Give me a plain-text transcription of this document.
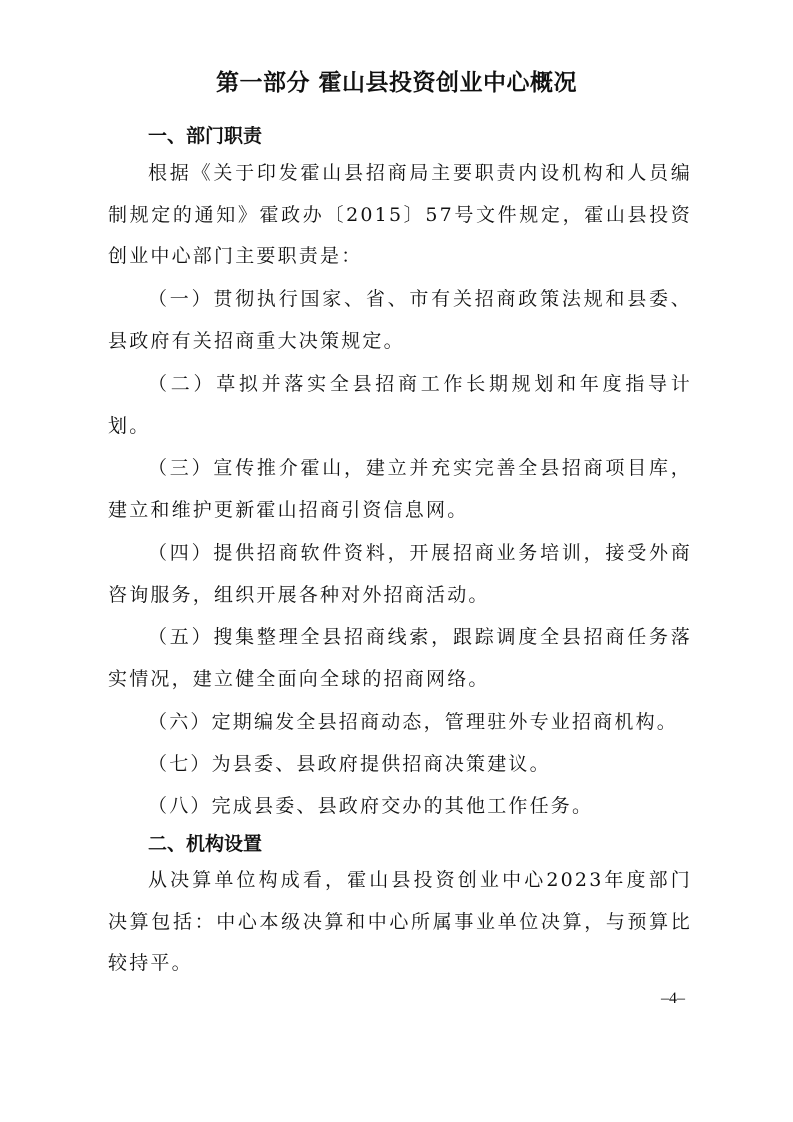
第一部分 霍山县投资创业中心概况
一、部门职责

根据《关于印发霍山县招商局主要职责内设机构和人员编制规定的通知》霍政办〔2015〕57号文件规定，霍山县投资创业中心部门主要职责是：

（一）贯彻执行国家、省、市有关招商政策法规和县委、县政府有关招商重大决策规定。

（二）草拟并落实全县招商工作长期规划和年度指导计划。

（三）宣传推介霍山，建立并充实完善全县招商项目库，建立和维护更新霍山招商引资信息网。

（四）提供招商软件资料，开展招商业务培训，接受外商咨询服务，组织开展各种对外招商活动。

（五）搜集整理全县招商线索，跟踪调度全县招商任务落实情况，建立健全面向全球的招商网络。

（六）定期编发全县招商动态，管理驻外专业招商机构。

（七）为县委、县政府提供招商决策建议。

（八）完成县委、县政府交办的其他工作任务。

二、机构设置

从决算单位构成看，霍山县投资创业中心2023年度部门决算包括：中心本级决算和中心所属事业单位决算，与预算比较持平。

–4–
